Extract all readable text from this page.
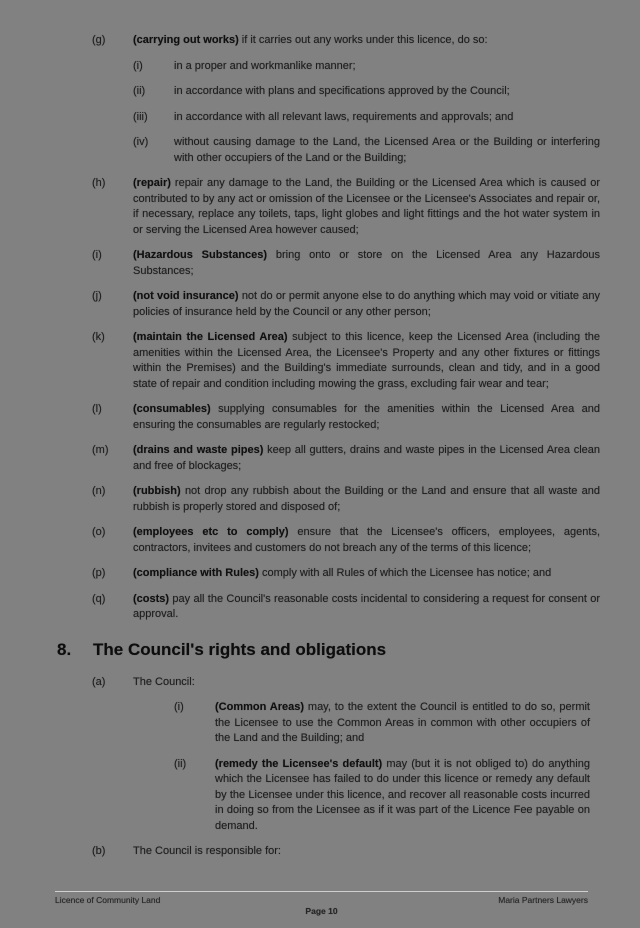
(g)	(carrying out works) if it carries out any works under this licence, do so:
(i)	in a proper and workmanlike manner;
(ii)	in accordance with plans and specifications approved by the Council;
(iii)	in accordance with all relevant laws, requirements and approvals; and
(iv)	without causing damage to the Land, the Licensed Area or the Building or interfering with other occupiers of the Land or the Building;
(h)	(repair) repair any damage to the Land, the Building or the Licensed Area which is caused or contributed to by any act or omission of the Licensee or the Licensee's Associates and repair or, if necessary, replace any toilets, taps, light globes and light fittings and the hot water system in or serving the Licensed Area however caused;
(i)	(Hazardous Substances) bring onto or store on the Licensed Area any Hazardous Substances;
(j)	(not void insurance) not do or permit anyone else to do anything which may void or vitiate any policies of insurance held by the Council or any other person;
(k)	(maintain the Licensed Area) subject to this licence, keep the Licensed Area (including the amenities within the Licensed Area, the Licensee's Property and any other fixtures or fittings within the Premises) and the Building's immediate surrounds, clean and tidy, and in a good state of repair and condition including mowing the grass, excluding fair wear and tear;
(l)	(consumables) supplying consumables for the amenities within the Licensed Area and ensuring the consumables are regularly restocked;
(m)	(drains and waste pipes) keep all gutters, drains and waste pipes in the Licensed Area clean and free of blockages;
(n)	(rubbish) not drop any rubbish about the Building or the Land and ensure that all waste and rubbish is properly stored and disposed of;
(o)	(employees etc to comply) ensure that the Licensee's officers, employees, agents, contractors, invitees and customers do not breach any of the terms of this licence;
(p)	(compliance with Rules) comply with all Rules of which the Licensee has notice; and
(q)	(costs) pay all the Council's reasonable costs incidental to considering a request for consent or approval.
8.	The Council's rights and obligations
(a)	The Council:
(i)	(Common Areas) may, to the extent the Council is entitled to do so, permit the Licensee to use the Common Areas in common with other occupiers of the Land and the Building; and
(ii)	(remedy the Licensee's default) may (but it is not obliged to) do anything which the Licensee has failed to do under this licence or remedy any default by the Licensee under this licence, and recover all reasonable costs incurred in doing so from the Licensee as if it was part of the Licence Fee payable on demand.
(b)	The Council is responsible for:
Licence of Community Land	Maria Partners Lawyers
Page 10
